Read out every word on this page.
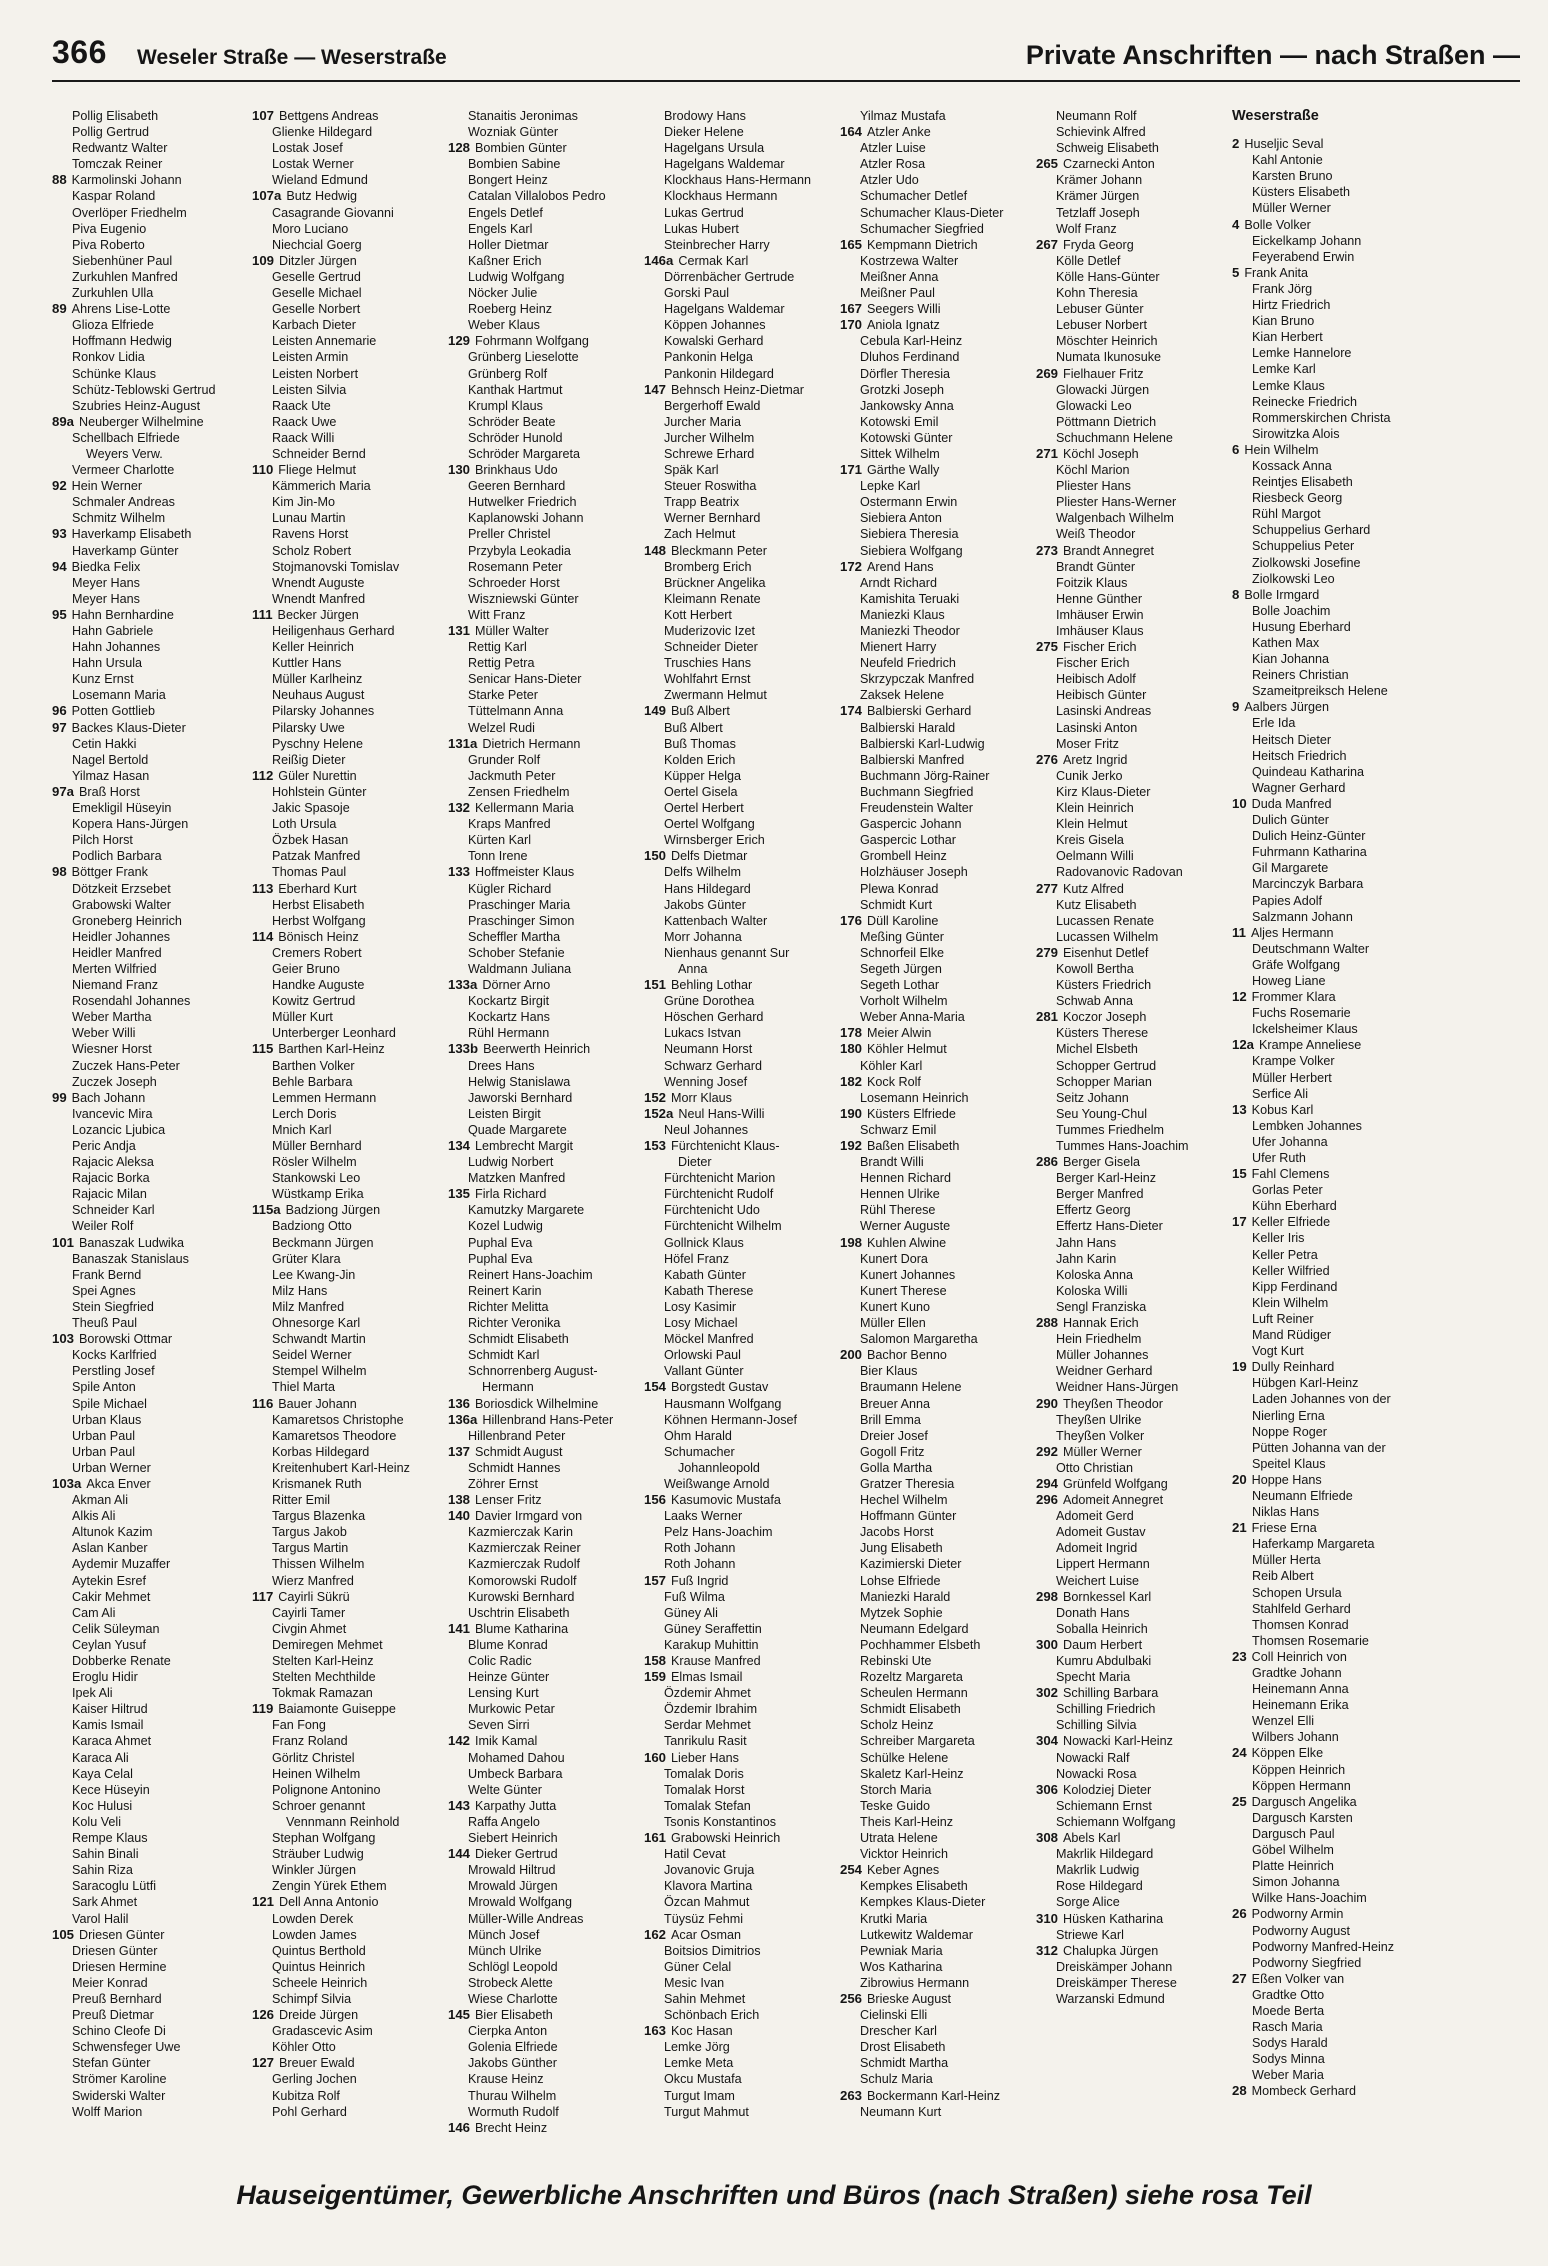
366 Weseler Straße — Weserstraße	Private Anschriften — nach Straßen —
Pollig Elisabeth
Pollig Gertrud
Redwantz Walter
Tomczak Reiner
88 Karmolinski Johann
Kaspar Roland
Overlöper Friedhelm
Piva Eugenio
Piva Roberto
Siebenhüner Paul
Zurkuhlen Manfred
Zurkuhlen Ulla
89 Ahrens Lise-Lotte
Glioza Elfriede
Hoffmann Hedwig
Ronkov Lidia
Schünke Klaus
Schütz-Teblowski Gertrud
Szubries Heinz-August
89a Neuberger Wilhelmine
Schellbach Elfriede
Weyers Verw.
Vermeer Charlotte
92 Hein Werner
Schmaler Andreas
Schmitz Wilhelm
93 Haverkamp Elisabeth
Haverkamp Günter
94 Biedka Felix
Meyer Hans
Meyer Hans
95 Hahn Bernhardine
Hahn Gabriele
Hahn Johannes
Hahn Ursula
Kunz Ernst
Losemann Maria
96 Potten Gottlieb
97 Backes Klaus-Dieter
Cetin Hakki
Nagel Bertold
Yilmaz Hasan
97a Braß Horst
Emekligil Hüseyin
Kopera Hans-Jürgen
Pilch Horst
Podlich Barbara
98 Böttger Frank
Dötzkeit Erzsebet
Grabowski Walter
Groneberg Heinrich
Heidler Johannes
Heidler Manfred
Merten Wilfried
Niemand Franz
Rosendahl Johannes
Weber Martha
Weber Willi
Wiesner Horst
Zuczek Hans-Peter
Zuczek Joseph
99 Bach Johann
Ivancevic Mira
Lozancic Ljubica
Peric Andja
Rajacic Aleksa
Rajacic Borka
Rajacic Milan
Schneider Karl
Weiler Rolf
101 Banaszak Ludwika
Banaszak Stanislaus
Frank Bernd
Spei Agnes
Stein Siegfried
Theuß Paul
103 Borowski Ottmar
Kocks Karlfried
Perstling Josef
Spile Anton
Spile Michael
Urban Klaus
Urban Paul
Urban Paul
Urban Werner
103a Akca Enver
Akman Ali
Alkis Ali
Altunok Kazim
Aslan Kanber
Aydemir Muzaffer
Aytekin Esref
Cakir Mehmet
Cam Ali
Celik Süleyman
Ceylan Yusuf
Dobberke Renate
Eroglu Hidir
Ipek Ali
Kaiser Hiltrud
Kamis Ismail
Karaca Ahmet
Karaca Ali
Kaya Celal
Kece Hüseyin
Koc Hulusi
Kolu Veli
Rempe Klaus
Sahin Binali
Sahin Riza
Saracoglu Lütfi
Sark Ahmet
Varol Halil
105 Driesen Günter
Driesen Günter
Driesen Hermine
Meier Konrad
Preuß Bernhard
Preuß Dietmar
Schino Cleofe Di
Schwensfeger Uwe
Stefan Günter
Strömer Karoline
Swiderski Walter
Wolff Marion
107 Bettgens Andreas
Glienke Hildegard
Lostak Josef
Lostak Werner
Wieland Edmund
107a Butz Hedwig
Casagrande Giovanni
Moro Luciano
Niechcial Goerg
109 Ditzler Jürgen
Geselle Gertrud
Geselle Michael
Geselle Norbert
Karbach Dieter
Leisten Annemarie
Leisten Armin
Leisten Norbert
Leisten Silvia
Raack Ute
Raack Uwe
Raack Willi
Schneider Bernd
110 Fliege Helmut
Kämmerich Maria
Kim Jin-Mo
Lunau Martin
Ravens Horst
Scholz Robert
Stojmanovski Tomislav
Wnendt Auguste
Wnendt Manfred
111 Becker Jürgen
Heiligenhaus Gerhard
Keller Heinrich
Kuttler Hans
Müller Karlheinz
Neuhaus August
Pilarsky Johannes
Pilarsky Uwe
Pyschny Helene
Reißig Dieter
112 Güler Nurettin
Hohlstein Günter
Jakic Spasoje
Loth Ursula
Özbek Hasan
Patzak Manfred
Thomas Paul
113 Eberhard Kurt
Herbst Elisabeth
Herbst Wolfgang
114 Bönisch Heinz
Cremers Robert
Geier Bruno
Handke Auguste
Kowitz Gertrud
Müller Kurt
Unterberger Leonhard
115 Barthen Karl-Heinz
Barthen Volker
Behle Barbara
Lemmen Hermann
Lerch Doris
Mnich Karl
Müller Bernhard
Rösler Wilhelm
Stankowski Leo
Wüstkamp Erika
115a Badziong Jürgen
Badziong Otto
Beckmann Jürgen
Grüter Klara
Lee Kwang-Jin
Milz Hans
Milz Manfred
Ohnesorge Karl
Schwandt Martin
Seidel Werner
Stempel Wilhelm
Thiel Marta
116 Bauer Johann
Kamaretsos Christophe
Kamaretsos Theodore
Korbas Hildegard
Kreitenhubert Karl-Heinz
Krismanek Ruth
Ritter Emil
Targus Blazenka
Targus Jakob
Targus Martin
Thissen Wilhelm
Wierz Manfred
117 Cayirli Sükrü
Cayirli Tamer
Civgin Ahmet
Demiregen Mehmet
Stelten Karl-Heinz
Stelten Mechthilde
Tokmak Ramazan
119 Baiamonte Guiseppe
Fan Fong
Franz Roland
Görlitz Christel
Heinen Wilhelm
Polignone Antonino
Schroer genannt
Vennmann Reinhold
Stephan Wolfgang
Sträuber Ludwig
Winkler Jürgen
Zengin Yürek Ethem
121 Dell Anna Antonio
Lowden Derek
Lowden James
Quintus Berthold
Quintus Heinrich
Scheele Heinrich
Schimpf Silvia
126 Dreide Jürgen
Gradascevic Asim
Köhler Otto
127 Breuer Ewald
Gerling Jochen
Kubitza Rolf
Pohl Gerhard
Stanaitis Jeronimas
Wozniak Günter
128 Bombien Günter
Bombien Sabine
Bongert Heinz
Catalan Villalobos Pedro
Engels Detlef
Engels Karl
Holler Dietmar
Kaßner Erich
Ludwig Wolfgang
Nöcker Julie
Roeberg Heinz
Weber Klaus
129 Fohrmann Wolfgang
Grünberg Lieselotte
Grünberg Rolf
Kanthak Hartmut
Krumpl Klaus
Schröder Beate
Schröder Hunold
Schröder Margareta
130 Brinkhaus Udo
Geeren Bernhard
Hutwelker Friedrich
Kaplanowski Johann
Preller Christel
Przybyla Leokadia
Rosemann Peter
Schroeder Horst
Wiszniewski Günter
Witt Franz
131 Müller Walter
Rettig Karl
Rettig Petra
Senicar Hans-Dieter
Starke Peter
Tüttelmann Anna
Welzel Rudi
131a Dietrich Hermann
Grunder Rolf
Jackmuth Peter
Zensen Friedhelm
132 Kellermann Maria
Kraps Manfred
Kürten Karl
Tonn Irene
133 Hoffmeister Klaus
Kügler Richard
Praschinger Maria
Praschinger Simon
Scheffler Martha
Schober Stefanie
Waldmann Juliana
133a Dörner Arno
Kockartz Birgit
Kockartz Hans
Rühl Hermann
133b Beerwerth Heinrich
Drees Hans
Helwig Stanislawa
Jaworski Bernhard
Leisten Birgit
Quade Margarete
134 Lembrecht Margit
Ludwig Norbert
Matzken Manfred
135 Firla Richard
Kamutzky Margarete
Kozel Ludwig
Puphal Eva
Puphal Eva
Reinert Hans-Joachim
Reinert Karin
Richter Melitta
Richter Veronika
Schmidt Elisabeth
Schmidt Karl
Schnorrenberg August-
Hermann
136 Boriosdick Wilhelmine
136a Hillenbrand Hans-Peter
Hillenbrand Peter
137 Schmidt August
Schmidt Hannes
Zöhrer Ernst
138 Lenser Fritz
140 Davier Irmgard von
Kazmierczak Karin
Kazmierczak Reiner
Kazmierczak Rudolf
Komorowski Rudolf
Kurowski Bernhard
Uschtrin Elisabeth
141 Blume Katharina
Blume Konrad
Colic Radic
Heinze Günter
Lensing Kurt
Murkowic Petar
Seven Sirri
142 Imik Kamal
Mohamed Dahou
Umbeck Barbara
Welte Günter
143 Karpathy Jutta
Raffa Angelo
Siebert Heinrich
144 Dieker Gertrud
Mrowald Hiltrud
Mrowald Jürgen
Mrowald Wolfgang
Müller-Wille Andreas
Münch Josef
Münch Ulrike
Schlögl Leopold
Strobeck Alette
Wiese Charlotte
145 Bier Elisabeth
Cierpka Anton
Golenia Elfriede
Jakobs Günther
Krause Heinz
Thurau Wilhelm
Wormuth Rudolf
146 Brecht Heinz
Brodowy Hans
Dieker Helene
Hagelgans Ursula
Hagelgans Waldemar
Klockhaus Hans-Hermann
Klockhaus Hermann
Lukas Gertrud
Lukas Hubert
Steinbrecher Harry
146a Cermak Karl
Dörrenbächer Gertrude
Gorski Paul
Hagelgans Waldemar
Köppen Johannes
Kowalski Gerhard
Pankonin Helga
Pankonin Hildegard
147 Behnsch Heinz-Dietmar
Bergerhoff Ewald
Jurcher Maria
Jurcher Wilhelm
Schrewe Erhard
Späk Karl
Steuer Roswitha
Trapp Beatrix
Werner Bernhard
Zach Helmut
148 Bleckmann Peter
Bromberg Erich
Brückner Angelika
Kleimann Renate
Kott Herbert
Muderizovic Izet
Schneider Dieter
Truschies Hans
Wohlfahrt Ernst
Zwermann Helmut
149 Buß Albert
Buß Albert
Buß Thomas
Kolden Erich
Küpper Helga
Oertel Gisela
Oertel Herbert
Oertel Wolfgang
Wirnsberger Erich
150 Delfs Dietmar
Delfs Wilhelm
Hans Hildegard
Jakobs Günter
Kattenbach Walter
Morr Johanna
Nienhaus genannt Sur
Anna
151 Behling Lothar
Grüne Dorothea
Höschen Gerhard
Lukacs Istvan
Neumann Horst
Schwarz Gerhard
Wenning Josef
152 Morr Klaus
152a Neul Hans-Willi
Neul Johannes
153 Fürchtenicht Klaus-
Dieter
Fürchtenicht Marion
Fürchtenicht Rudolf
Fürchtenicht Udo
Fürchtenicht Wilhelm
Gollnick Klaus
Höfel Franz
Kabath Günter
Kabath Therese
Losy Kasimir
Losy Michael
Möckel Manfred
Orlowski Paul
Vallant Günter
154 Borgstedt Gustav
Hausmann Wolfgang
Köhnen Hermann-Josef
Ohm Harald
Schumacher
Johannleopold
Weißwange Arnold
156 Kasumovic Mustafa
Laaks Werner
Pelz Hans-Joachim
Roth Johann
Roth Johann
157 Fuß Ingrid
Fuß Wilma
Güney Ali
Güney Seraffettin
Karakup Muhittin
158 Krause Manfred
159 Elmas Ismail
Özdemir Ahmet
Özdemir Ibrahim
Serdar Mehmet
Tanrikulu Rasit
160 Lieber Hans
Tomalak Doris
Tomalak Horst
Tomalak Stefan
Tsonis Konstantinos
161 Grabowski Heinrich
Hatil Cevat
Jovanovic Gruja
Klavora Martina
Özcan Mahmut
Tüysüz Fehmi
162 Acar Osman
Boitsios Dimitrios
Güner Celal
Mesic Ivan
Sahin Mehmet
Schönbach Erich
163 Koc Hasan
Lemke Jörg
Lemke Meta
Okcu Mustafa
Turgut Imam
Turgut Mahmut
Yilmaz Mustafa
164 Atzler Anke
Atzler Luise
Atzler Rosa
Atzler Udo
Schumacher Detlef
Schumacher Klaus-Dieter
Schumacher Siegfried
165 Kempmann Dietrich
Kostrzewa Walter
Meißner Anna
Meißner Paul
167 Seegers Willi
170 Aniola Ignatz
Cebula Karl-Heinz
Dluhos Ferdinand
Dörfler Theresia
Grotzki Joseph
Jankowsky Anna
Kotowski Emil
Kotowski Günter
Sittek Wilhelm
171 Gärthe Wally
Lepke Karl
Ostermann Erwin
Siebiera Anton
Siebiera Theresia
Siebiera Wolfgang
172 Arend Hans
Arndt Richard
Kamishita Teruaki
Maniezki Klaus
Maniezki Theodor
Mienert Harry
Neufeld Friedrich
Skrzypczak Manfred
Zaksek Helene
174 Balbierski Gerhard
Balbierski Harald
Balbierski Karl-Ludwig
Balbierski Manfred
Buchmann Jörg-Rainer
Buchmann Siegfried
Freudenstein Walter
Gaspercic Johann
Gaspercic Lothar
Grombell Heinz
Holzhäuser Joseph
Plewa Konrad
Schmidt Kurt
176 Düll Karoline
Meßing Günter
Schnorfeil Elke
Segeth Jürgen
Segeth Lothar
Vorholt Wilhelm
Weber Anna-Maria
178 Meier Alwin
180 Köhler Helmut
Köhler Karl
182 Kock Rolf
Losemann Heinrich
190 Küsters Elfriede
Schwarz Emil
192 Baßen Elisabeth
Brandt Willi
Hennen Richard
Hennen Ulrike
Rühl Therese
Werner Auguste
198 Kuhlen Alwine
Kunert Dora
Kunert Johannes
Kunert Therese
Kunert Kuno
Müller Ellen
Salomon Margaretha
200 Bachor Benno
Bier Klaus
Braumann Helene
Breuer Anna
Brill Emma
Dreier Josef
Gogoll Fritz
Golla Martha
Gratzer Theresia
Hechel Wilhelm
Hoffmann Günter
Jacobs Horst
Jung Elisabeth
Kazimierski Dieter
Lohse Elfriede
Maniezki Harald
Mytzek Sophie
Neumann Edelgard
Pochhammer Elsbeth
Rebinski Ute
Rozeltz Margareta
Scheulen Hermann
Schmidt Elisabeth
Scholz Heinz
Schreiber Margareta
Schülke Helene
Skaletz Karl-Heinz
Storch Maria
Teske Guido
Theis Karl-Heinz
Utrata Helene
Vicktor Heinrich
254 Keber Agnes
Kempkes Elisabeth
Kempkes Klaus-Dieter
Krutki Maria
Lutkewitz Waldemar
Pewniak Maria
Wos Katharina
Zibrowius Hermann
256 Brieske August
Cielinski Elli
Drescher Karl
Drost Elisabeth
Schmidt Martha
Schulz Maria
263 Bockermann Karl-Heinz
Neumann Kurt
Neumann Rolf
Schievink Alfred
Schweig Elisabeth
265 Czarnecki Anton
Krämer Johann
Krämer Jürgen
Tetzlaff Joseph
Wolf Franz
267 Fryda Georg
Kölle Detlef
Kölle Hans-Günter
Kohn Theresia
Lebuser Günter
Lebuser Norbert
Möschter Heinrich
Numata Ikunosuke
269 Fielhauer Fritz
Glowacki Jürgen
Glowacki Leo
Pöttmann Dietrich
Schuchmann Helene
271 Köchl Joseph
Köchl Marion
Pliester Hans
Pliester Hans-Werner
Walgenbach Wilhelm
Weiß Theodor
273 Brandt Annegret
Brandt Günter
Foitzik Klaus
Henne Günther
Imhäuser Erwin
Imhäuser Klaus
275 Fischer Erich
Fischer Erich
Heibisch Adolf
Heibisch Günter
Lasinski Andreas
Lasinski Anton
Moser Fritz
276 Aretz Ingrid
Cunik Jerko
Kirz Klaus-Dieter
Klein Heinrich
Klein Helmut
Kreis Gisela
Oelmann Willi
Radovanovic Radovan
277 Kutz Alfred
Kutz Elisabeth
Lucassen Renate
Lucassen Wilhelm
279 Eisenhut Detlef
Kowoll Bertha
Küsters Friedrich
Schwab Anna
281 Koczor Joseph
Küsters Therese
Michel Elsbeth
Schopper Gertrud
Schopper Marian
Seitz Johann
Seu Young-Chul
Tummes Friedhelm
Tummes Hans-Joachim
286 Berger Gisela
Berger Karl-Heinz
Berger Manfred
Effertz Georg
Effertz Hans-Dieter
Jahn Hans
Jahn Karin
Koloska Anna
Koloska Willi
Sengl Franziska
288 Hannak Erich
Hein Friedhelm
Müller Johannes
Weidner Gerhard
Weidner Hans-Jürgen
290 Theyßen Theodor
Theyßen Ulrike
Theyßen Volker
292 Müller Werner
Otto Christian
294 Grünfeld Wolfgang
296 Adomeit Annegret
Adomeit Gerd
Adomeit Gustav
Adomeit Ingrid
Lippert Hermann
Weichert Luise
298 Bornkessel Karl
Donath Hans
Soballa Heinrich
300 Daum Herbert
Kumru Abdulbaki
Specht Maria
302 Schilling Barbara
Schilling Friedrich
Schilling Silvia
304 Nowacki Karl-Heinz
Nowacki Ralf
Nowacki Rosa
306 Kolodziej Dieter
Schiemann Ernst
Schiemann Wolfgang
308 Abels Karl
Makrlik Hildegard
Makrlik Ludwig
Rose Hildegard
Sorge Alice
310 Hüsken Katharina
Striewe Karl
312 Chalupka Jürgen
Dreiskämper Johann
Dreiskämper Therese
Warzanski Edmund
Weserstraße
2 Huseljic Seval
Kahl Antonie
Karsten Bruno
Küsters Elisabeth
Müller Werner
4 Bolle Volker
Eickelkamp Johann
Feyerabend Erwin
5 Frank Anita
Frank Jörg
Hirtz Friedrich
Kian Bruno
Kian Herbert
Lemke Hannelore
Lemke Karl
Lemke Klaus
Reinecke Friedrich
Rommerskirchen Christa
Sirowitzka Alois
6 Hein Wilhelm
Kossack Anna
Reintjes Elisabeth
Riesbeck Georg
Rühl Margot
Schuppelius Gerhard
Schuppelius Peter
Ziolkowski Josefine
Ziolkowski Leo
8 Bolle Irmgard
Bolle Joachim
Husung Eberhard
Kathen Max
Kian Johanna
Reiners Christian
Szameitpreiksch Helene
9 Aalbers Jürgen
Erle Ida
Heitsch Dieter
Heitsch Friedrich
Quindeau Katharina
Wagner Gerhard
10 Duda Manfred
Dulich Günter
Dulich Heinz-Günter
Fuhrmann Katharina
Gil Margarete
Marcinczyk Barbara
Papies Adolf
Salzmann Johann
11 Aljes Hermann
Deutschmann Walter
Gräfe Wolfgang
Howeg Liane
12 Frommer Klara
Fuchs Rosemarie
Ickelsheimer Klaus
12a Krampe Anneliese
Krampe Volker
Müller Herbert
Serfice Ali
13 Kobus Karl
Lembken Johannes
Ufer Johanna
Ufer Ruth
15 Fahl Clemens
Gorlas Peter
Kühn Eberhard
17 Keller Elfriede
Keller Iris
Keller Petra
Keller Wilfried
Kipp Ferdinand
Klein Wilhelm
Luft Reiner
Mand Rüdiger
Vogt Kurt
19 Dully Reinhard
Hübgen Karl-Heinz
Laden Johannes von der
Nierling Erna
Noppe Roger
Pütten Johanna van der
Speitel Klaus
20 Hoppe Hans
Neumann Elfriede
Niklas Hans
21 Friese Erna
Haferkamp Margareta
Müller Herta
Reib Albert
Schopen Ursula
Stahlfeld Gerhard
Thomsen Konrad
Thomsen Rosemarie
23 Coll Heinrich von
Gradtke Johann
Heinemann Anna
Heinemann Erika
Wenzel Elli
Wilbers Johann
24 Köppen Elke
Köppen Heinrich
Köppen Hermann
25 Dargusch Angelika
Dargusch Karsten
Dargusch Paul
Göbel Wilhelm
Platte Heinrich
Simon Johanna
Wilke Hans-Joachim
26 Podworny Armin
Podworny August
Podworny Manfred-Heinz
Podworny Siegfried
27 Eßen Volker van
Gradtke Otto
Moede Berta
Rasch Maria
Sodys Harald
Sodys Minna
Weber Maria
28 Mombeck Gerhard
Hauseigentümer, Gewerbliche Anschriften und Büros (nach Straßen) siehe rosa Teil
